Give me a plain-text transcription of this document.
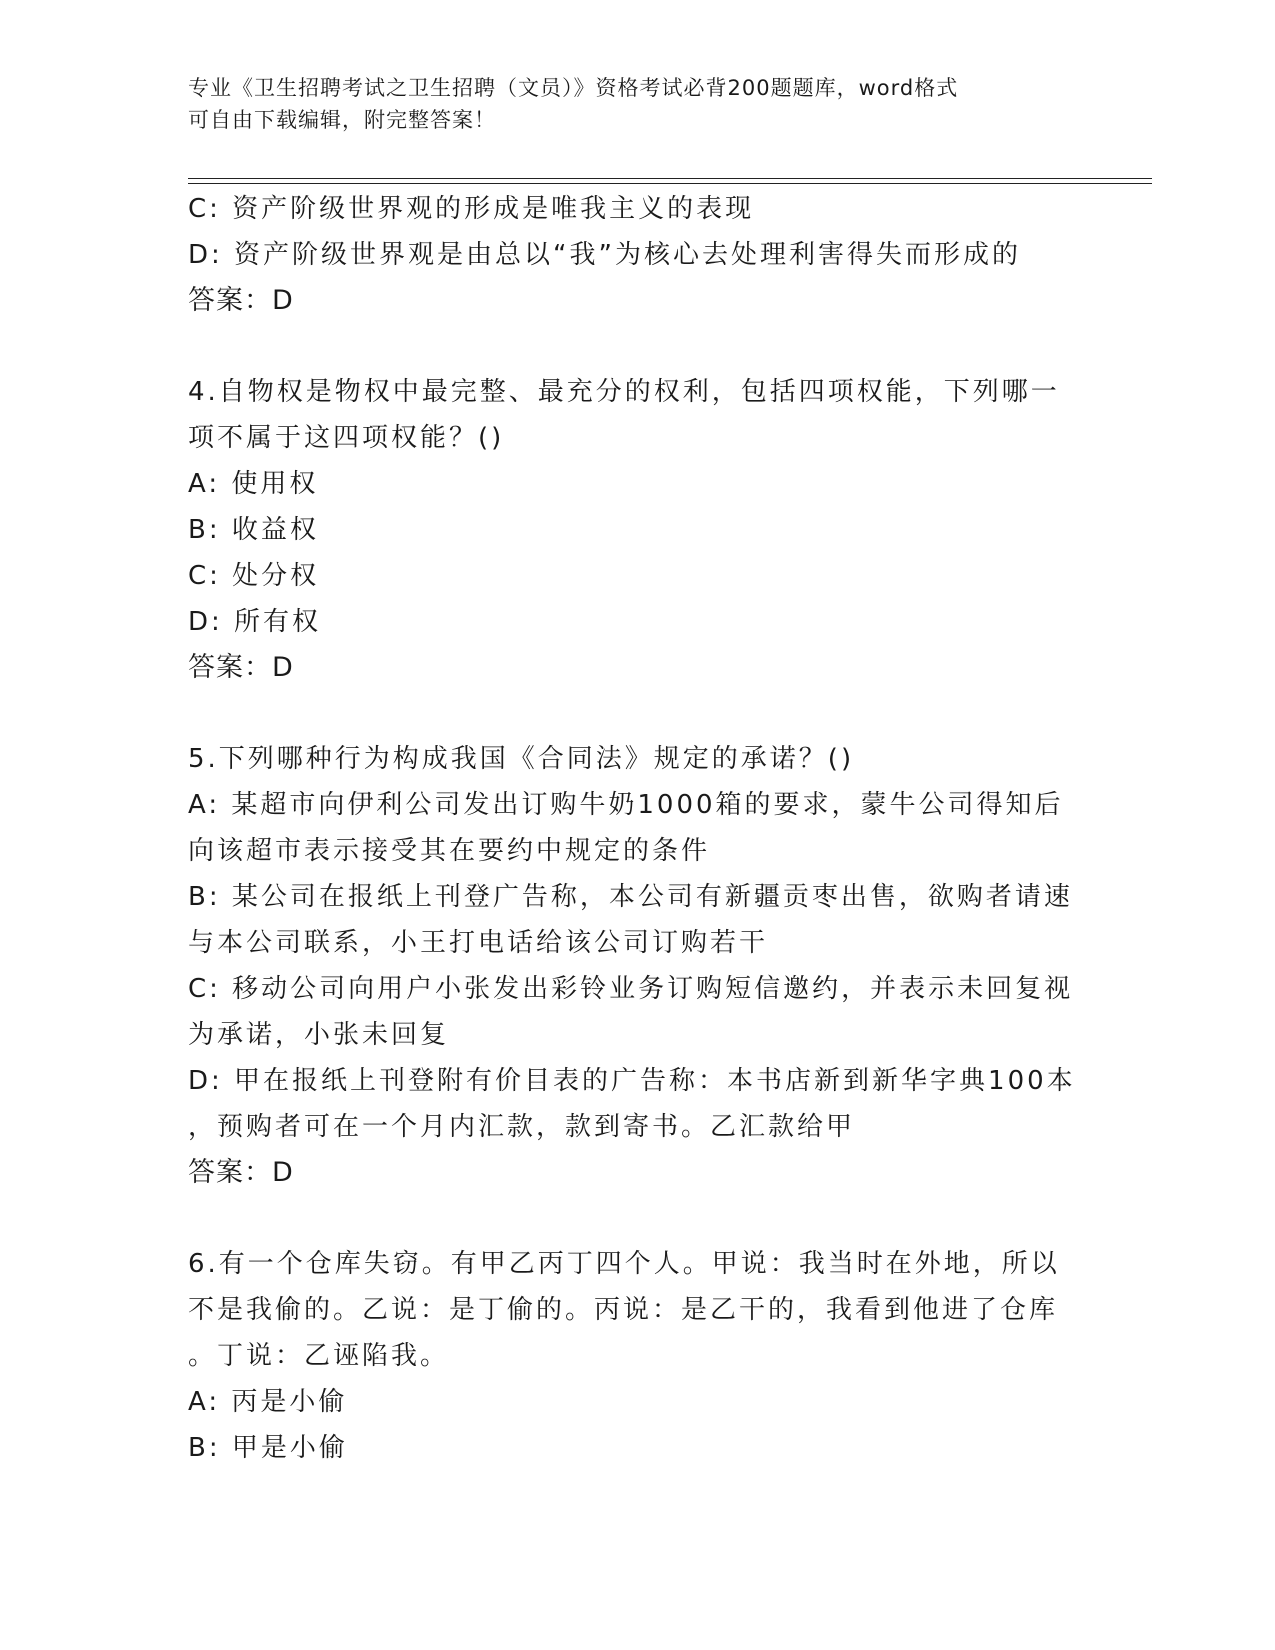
专业《卫生招聘考试之卫生招聘（文员）》资格考试必背200题题库，word格式
可自由下载编辑，附完整答案！
C: 资产阶级世界观的形成是唯我主义的表现
D: 资产阶级世界观是由总以“我”为核心去处理利害得失而形成的
答案：D
4.自物权是物权中最完整、最充分的权利，包括四项权能，下列哪一
项不属于这四项权能？()
A: 使用权
B: 收益权
C: 处分权
D: 所有权
答案：D
5.下列哪种行为构成我国《合同法》规定的承诺？()
A: 某超市向伊利公司发出订购牛奶1000箱的要求，蒙牛公司得知后
向该超市表示接受其在要约中规定的条件
B: 某公司在报纸上刊登广告称，本公司有新疆贡枣出售，欲购者请速
与本公司联系，小王打电话给该公司订购若干
C: 移动公司向用户小张发出彩铃业务订购短信邀约，并表示未回复视
为承诺，小张未回复
D: 甲在报纸上刊登附有价目表的广告称：本书店新到新华字典100本
，预购者可在一个月内汇款，款到寄书。乙汇款给甲
答案：D
6.有一个仓库失窃。有甲乙丙丁四个人。甲说：我当时在外地，所以
不是我偷的。乙说：是丁偷的。丙说：是乙干的，我看到他进了仓库
。丁说：乙诬陷我。
A: 丙是小偷
B: 甲是小偷
